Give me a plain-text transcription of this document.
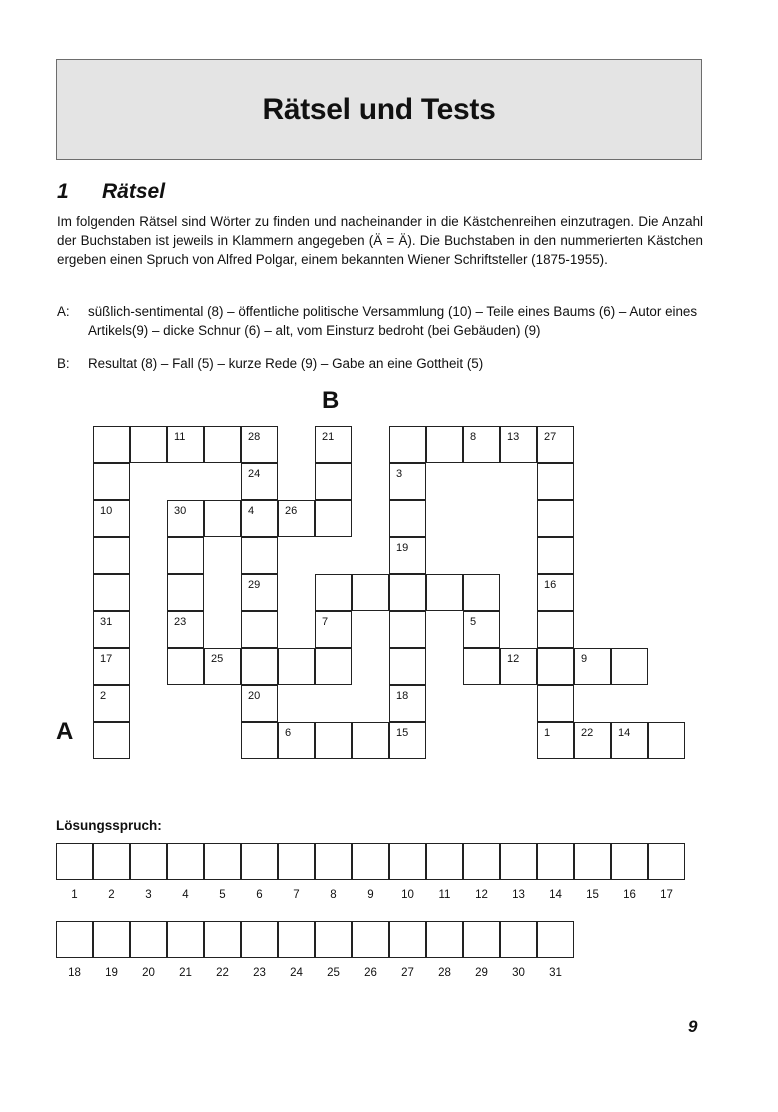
Rätsel und Tests
1 Rätsel

Im folgenden Rätsel sind Wörter zu finden und nacheinander in die Kästchenreihen einzutragen. Die Anzahl der Buchstaben ist jeweils in Klammern angegeben (Ä = Ä). Die Buchstaben in den nummerierten Kästchen ergeben einen Spruch von Alfred Polgar, einem bekannten Wiener Schriftsteller (1875-1955).

A: süßlich-sentimental (8) – öffentliche politische Versammlung (10) – Teile eines Baums (6) – Autor eines Artikels(9) – dicke Schnur (6) – alt, vom Einsturz bedroht (bei Gebäuden) (9)
B: Resultat (8) – Fall (5) – kurze Rede (9) – Gabe an eine Gottheit (5)
B
A
11	28	21	8	13 27
24	3
10	30	4	26
19
29	16
31	23	7	5
17	25	12	9
2	20	18
6	15	1	22 14
Lösungsspruch:
1	2	3	4	5	6	7	8	9	10	11	12	13	14	15	16	17
18	19	20	21	22	23	24	25	26	27	28	29	30	31
9
